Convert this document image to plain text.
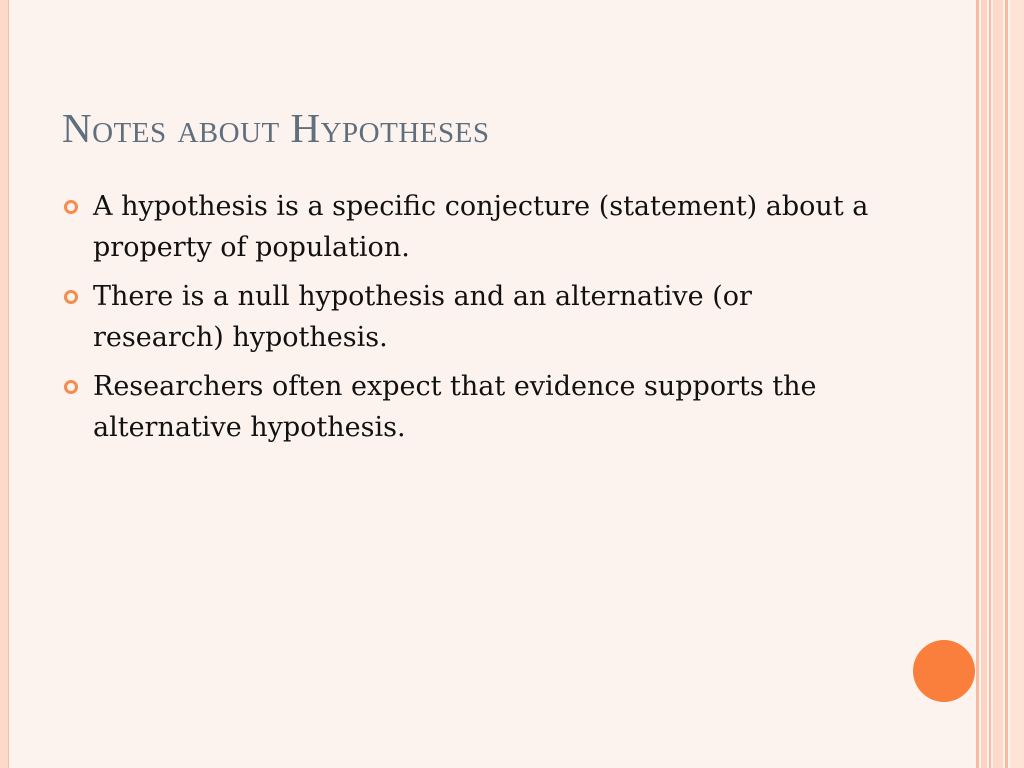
Notes about Hypotheses
A hypothesis is a specific conjecture (statement) about a property of population.
There is a null hypothesis and an alternative (or research) hypothesis.
Researchers often expect that evidence supports the alternative hypothesis.
